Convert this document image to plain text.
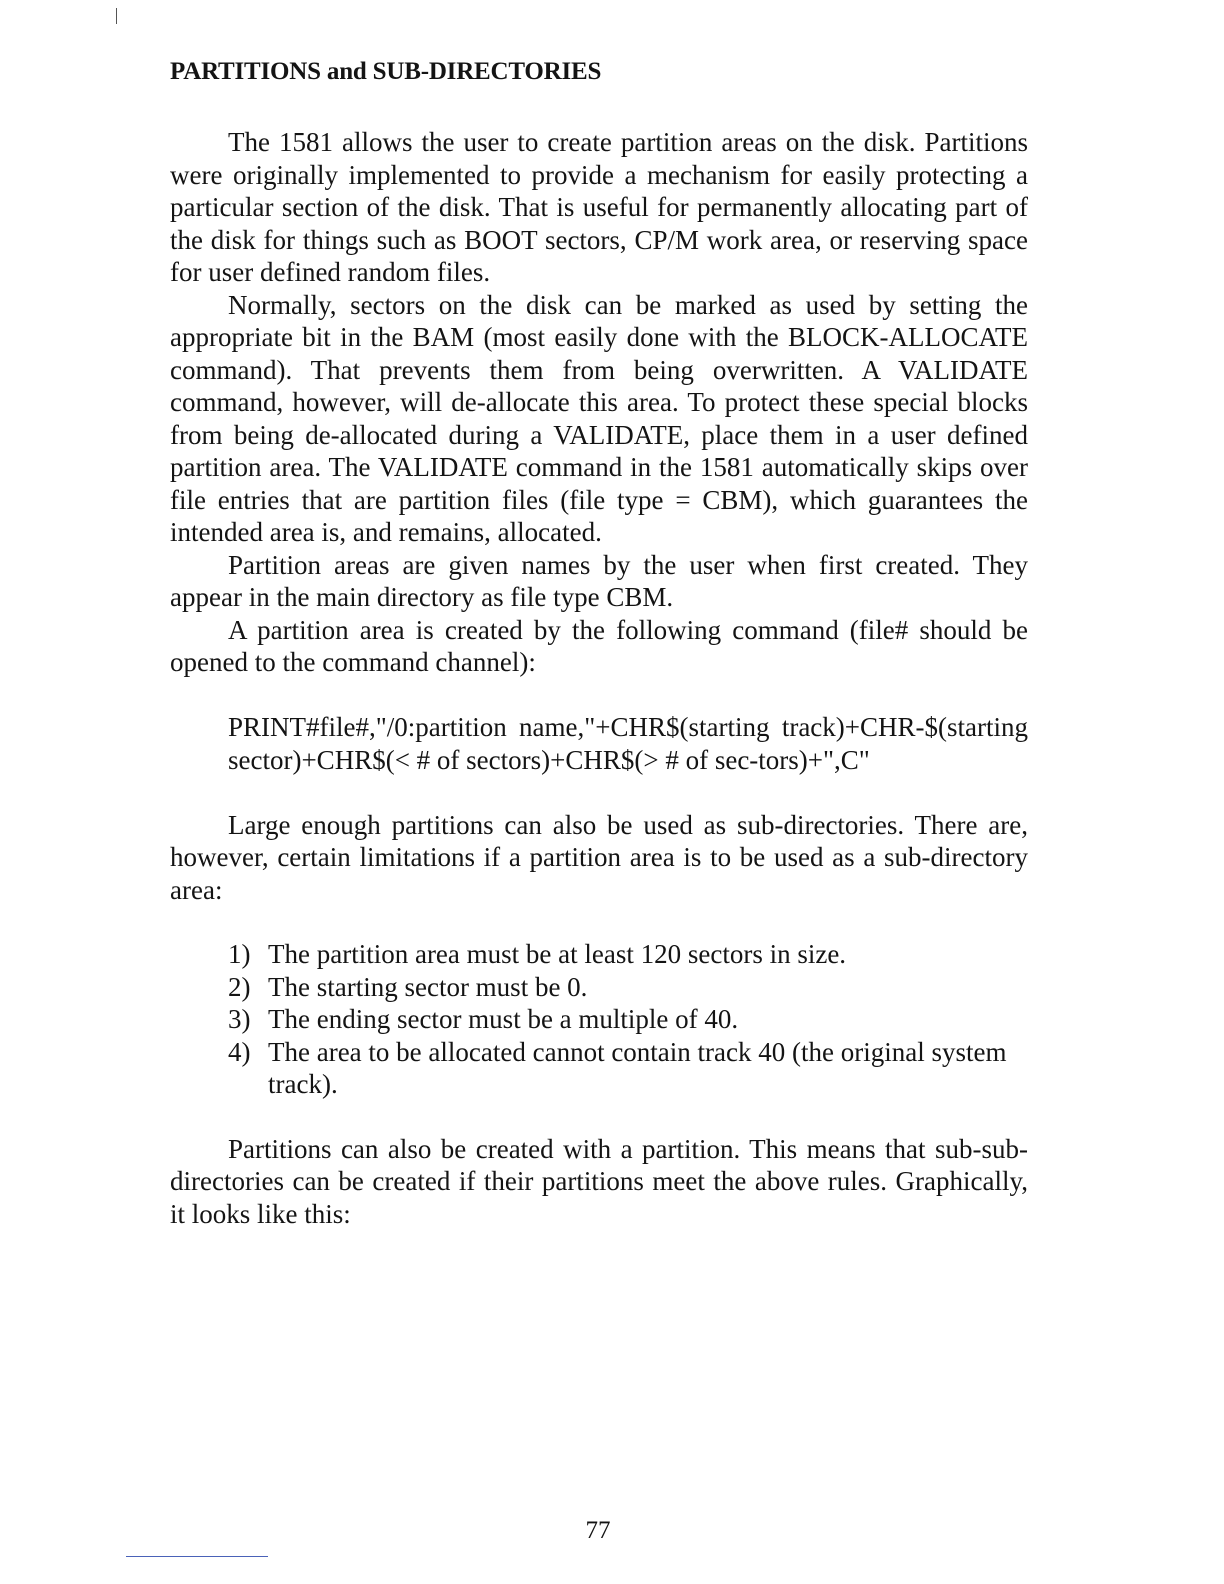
PARTITIONS and SUB-DIRECTORIES

The 1581 allows the user to create partition areas on the disk. Partitions were originally implemented to provide a mechanism for easily protecting a particular section of the disk. That is useful for permanently allocating part of the disk for things such as BOOT sectors, CP/M work area, or reserving space for user defined random files.

Normally, sectors on the disk can be marked as used by setting the appropriate bit in the BAM (most easily done with the BLOCK-ALLOCATE command). That prevents them from being overwritten. A VALIDATE command, however, will de-allocate this area. To protect these special blocks from being de-allocated during a VALIDATE, place them in a user defined partition area. The VALIDATE command in the 1581 automatically skips over file entries that are partition files (file type = CBM), which guarantees the intended area is, and remains, allocated.

Partition areas are given names by the user when first created. They appear in the main directory as file type CBM.

A partition area is created by the following command (file# should be opened to the command channel):

PRINT#file#,"/0:partition name,"+CHR$(starting track)+CHR-$(starting sector)+CHR$(< # of sectors)+CHR$(> # of sec-tors)+",C"

Large enough partitions can also be used as sub-directories. There are, however, certain limitations if a partition area is to be used as a sub-directory area:

1) The partition area must be at least 120 sectors in size.
2) The starting sector must be 0.
3) The ending sector must be a multiple of 40.
4) The area to be allocated cannot contain track 40 (the original system track).

Partitions can also be created with a partition. This means that sub-sub-directories can be created if their partitions meet the above rules. Graphically, it looks like this:

77
